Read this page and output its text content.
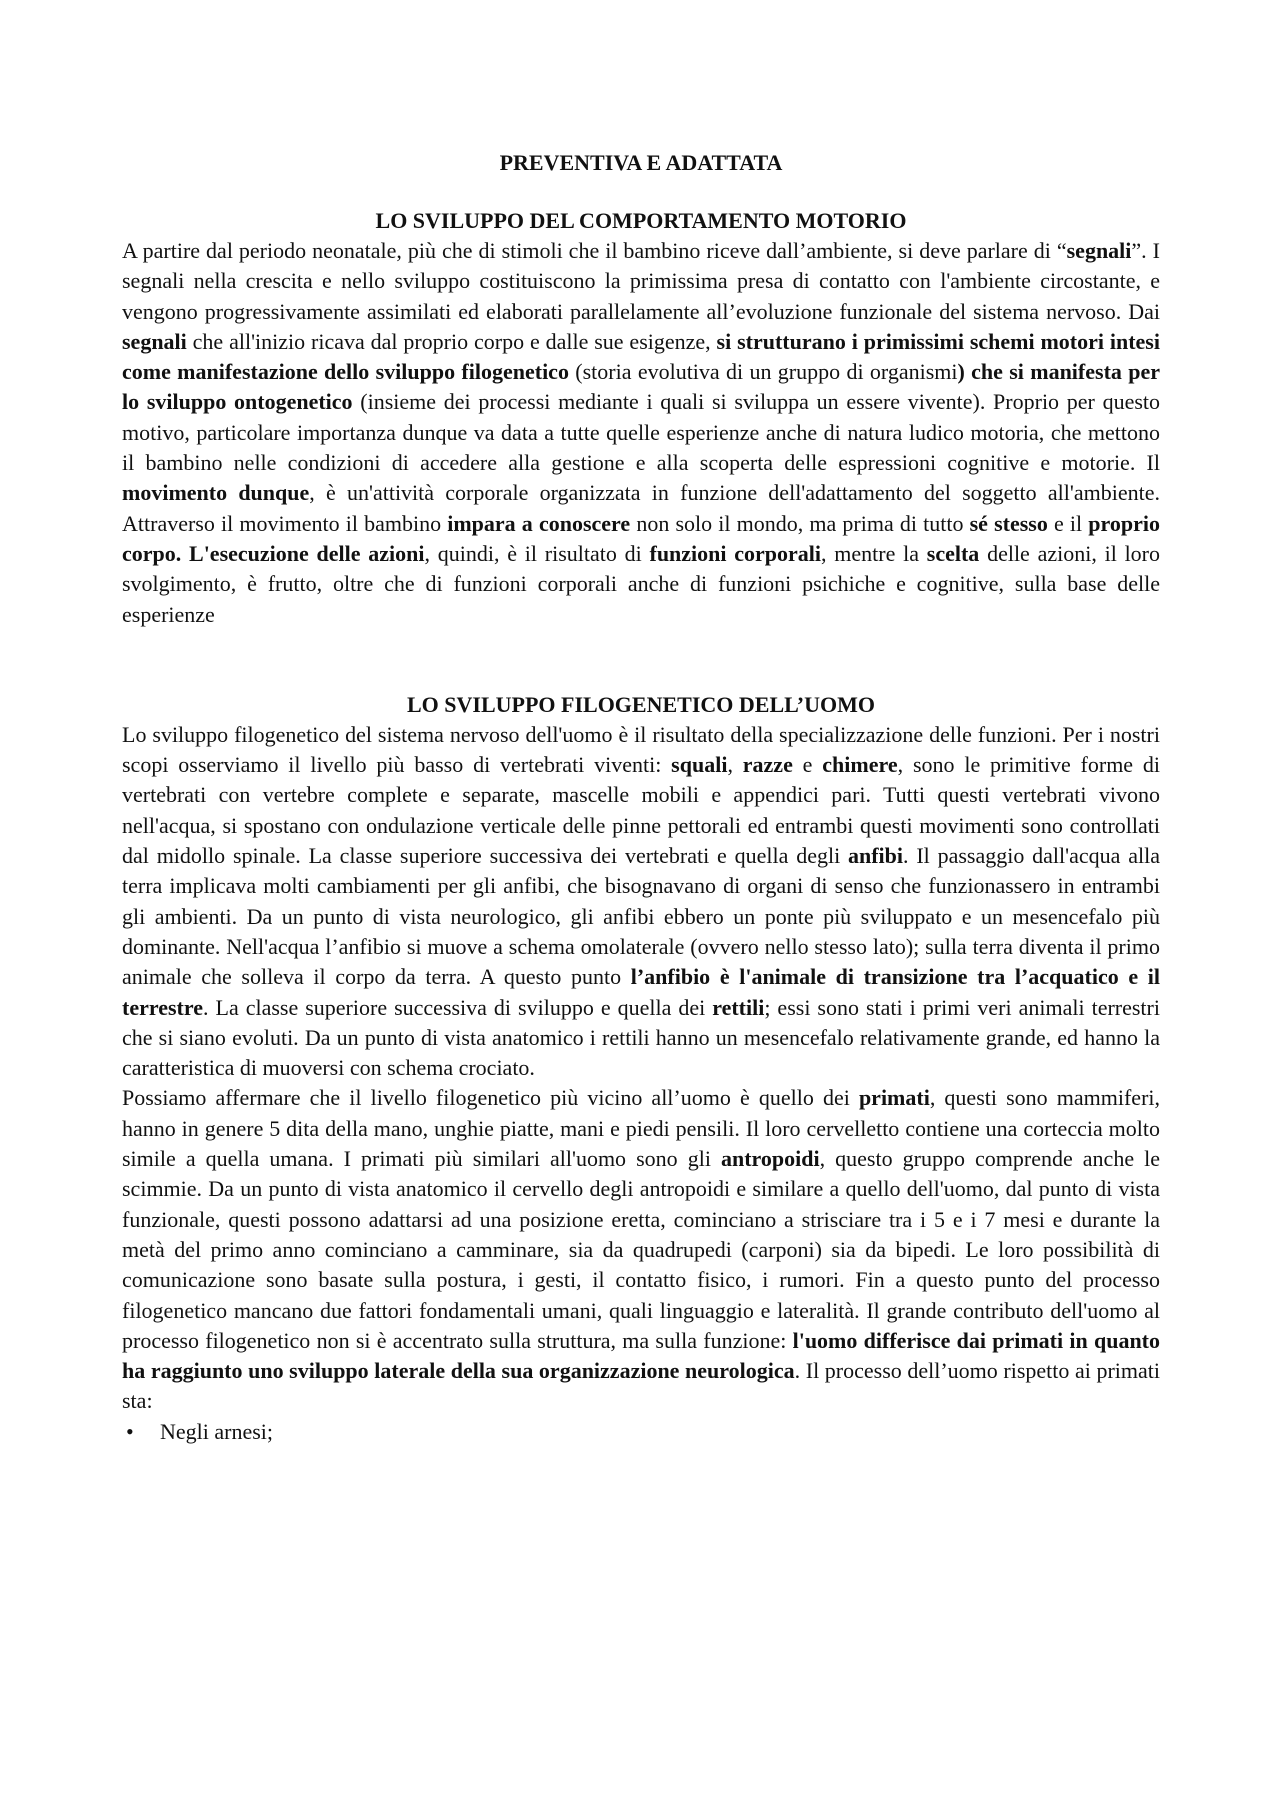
PREVENTIVA E ADATTATA
LO SVILUPPO DEL COMPORTAMENTO MOTORIO

A partire dal periodo neonatale, più che di stimoli che il bambino riceve dall’ambiente, si deve parlare di “segnali”. I segnali nella crescita e nello sviluppo costituiscono la primissima presa di contatto con l'ambiente circostante, e vengono progressivamente assimilati ed elaborati parallelamente all’evoluzione funzionale del sistema nervoso. Dai segnali che all'inizio ricava dal proprio corpo e dalle sue esigenze, si strutturano i primissimi schemi motori intesi come manifestazione dello sviluppo filogenetico (storia evolutiva di un gruppo di organismi) che si manifesta per lo sviluppo ontogenetico (insieme dei processi mediante i quali si sviluppa un essere vivente). Proprio per questo motivo, particolare importanza dunque va data a tutte quelle esperienze anche di natura ludico motoria, che mettono il bambino nelle condizioni di accedere alla gestione e alla scoperta delle espressioni cognitive e motorie. Il movimento dunque, è un'attività corporale organizzata in funzione dell'adattamento del soggetto all'ambiente. Attraverso il movimento il bambino impara a conoscere non solo il mondo, ma prima di tutto sé stesso e il proprio corpo. L'esecuzione delle azioni, quindi, è il risultato di funzioni corporali, mentre la scelta delle azioni, il loro svolgimento, è frutto, oltre che di funzioni corporali anche di funzioni psichiche e cognitive, sulla base delle esperienze

LO SVILUPPO FILOGENETICO DELL’UOMO

Lo sviluppo filogenetico del sistema nervoso dell'uomo è il risultato della specializzazione delle funzioni. Per i nostri scopi osserviamo il livello più basso di vertebrati viventi: squali, razze e chimere, sono le primitive forme di vertebrati con vertebre complete e separate, mascelle mobili e appendici pari. Tutti questi vertebrati vivono nell'acqua, si spostano con ondulazione verticale delle pinne pettorali ed entrambi questi movimenti sono controllati dal midollo spinale. La classe superiore successiva dei vertebrati e quella degli anfibi. Il passaggio dall'acqua alla terra implicava molti cambiamenti per gli anfibi, che bisognavano di organi di senso che funzionassero in entrambi gli ambienti. Da un punto di vista neurologico, gli anfibi ebbero un ponte più sviluppato e un mesencefalo più dominante. Nell'acqua l’anfibio si muove a schema omolaterale (ovvero nello stesso lato); sulla terra diventa il primo animale che solleva il corpo da terra. A questo punto l’anfibio è l'animale di transizione tra l’acquatico e il terrestre. La classe superiore successiva di sviluppo e quella dei rettili; essi sono stati i primi veri animali terrestri che si siano evoluti. Da un punto di vista anatomico i rettili hanno un mesencefalo relativamente grande, ed hanno la caratteristica di muoversi con schema crociato.

Possiamo affermare che il livello filogenetico più vicino all’uomo è quello dei primati, questi sono mammiferi, hanno in genere 5 dita della mano, unghie piatte, mani e piedi pensili. Il loro cervelletto contiene una corteccia molto simile a quella umana. I primati più similari all'uomo sono gli antropoidi, questo gruppo comprende anche le scimmie. Da un punto di vista anatomico il cervello degli antropoidi e similare a quello dell'uomo, dal punto di vista funzionale, questi possono adattarsi ad una posizione eretta, cominciano a strisciare tra i 5 e i 7 mesi e durante la metà del primo anno cominciano a camminare, sia da quadrupedi (carponi) sia da bipedi. Le loro possibilità di comunicazione sono basate sulla postura, i gesti, il contatto fisico, i rumori. Fin a questo punto del processo filogenetico mancano due fattori fondamentali umani, quali linguaggio e lateralità. Il grande contributo dell'uomo al processo filogenetico non si è accentrato sulla struttura, ma sulla funzione: l'uomo differisce dai primati in quanto ha raggiunto uno sviluppo laterale della sua organizzazione neurologica. Il processo dell’uomo rispetto ai primati sta:

• Negli arnesi;
